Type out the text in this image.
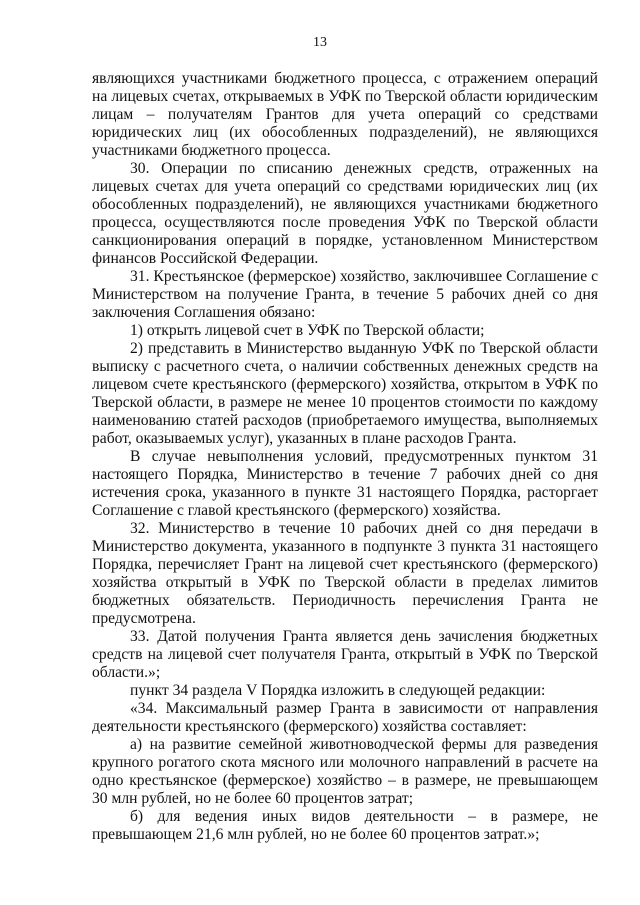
13

являющихся участниками бюджетного процесса, с отражением операций на лицевых счетах, открываемых в УФК по Тверской области юридическим лицам – получателям Грантов для учета операций со средствами юридических лиц (их обособленных подразделений), не являющихся участниками бюджетного процесса.

30. Операции по списанию денежных средств, отраженных на лицевых счетах для учета операций со средствами юридических лиц (их обособленных подразделений), не являющихся участниками бюджетного процесса, осуществляются после проведения УФК по Тверской области санкционирования операций в порядке, установленном Министерством финансов Российской Федерации.

31. Крестьянское (фермерское) хозяйство, заключившее Соглашение с Министерством на получение Гранта, в течение 5 рабочих дней со дня заключения Соглашения обязано:

1) открыть лицевой счет в УФК по Тверской области;

2) представить в Министерство выданную УФК по Тверской области выписку с расчетного счета, о наличии собственных денежных средств на лицевом счете крестьянского (фермерского) хозяйства, открытом в УФК по Тверской области, в размере не менее 10 процентов стоимости по каждому наименованию статей расходов (приобретаемого имущества, выполняемых работ, оказываемых услуг), указанных в плане расходов Гранта.

В случае невыполнения условий, предусмотренных пунктом 31 настоящего Порядка, Министерство в течение 7 рабочих дней со дня истечения срока, указанного в пункте 31 настоящего Порядка, расторгает Соглашение с главой крестьянского (фермерского) хозяйства.

32. Министерство в течение 10 рабочих дней со дня передачи в Министерство документа, указанного в подпункте 3 пункта 31 настоящего Порядка, перечисляет Грант на лицевой счет крестьянского (фермерского) хозяйства открытый в УФК по Тверской области в пределах лимитов бюджетных обязательств. Периодичность перечисления Гранта не предусмотрена.

33. Датой получения Гранта является день зачисления бюджетных средств на лицевой счет получателя Гранта, открытый в УФК по Тверской области.»;

пункт 34 раздела V Порядка изложить в следующей редакции:

«34. Максимальный размер Гранта в зависимости от направления деятельности крестьянского (фермерского) хозяйства составляет:

а) на развитие семейной животноводческой фермы для разведения крупного рогатого скота мясного или молочного направлений в расчете на одно крестьянское (фермерское) хозяйство – в размере, не превышающем 30 млн рублей, но не более 60 процентов затрат;

б) для ведения иных видов деятельности – в размере, не превышающем 21,6 млн рублей, но не более 60 процентов затрат.»;
